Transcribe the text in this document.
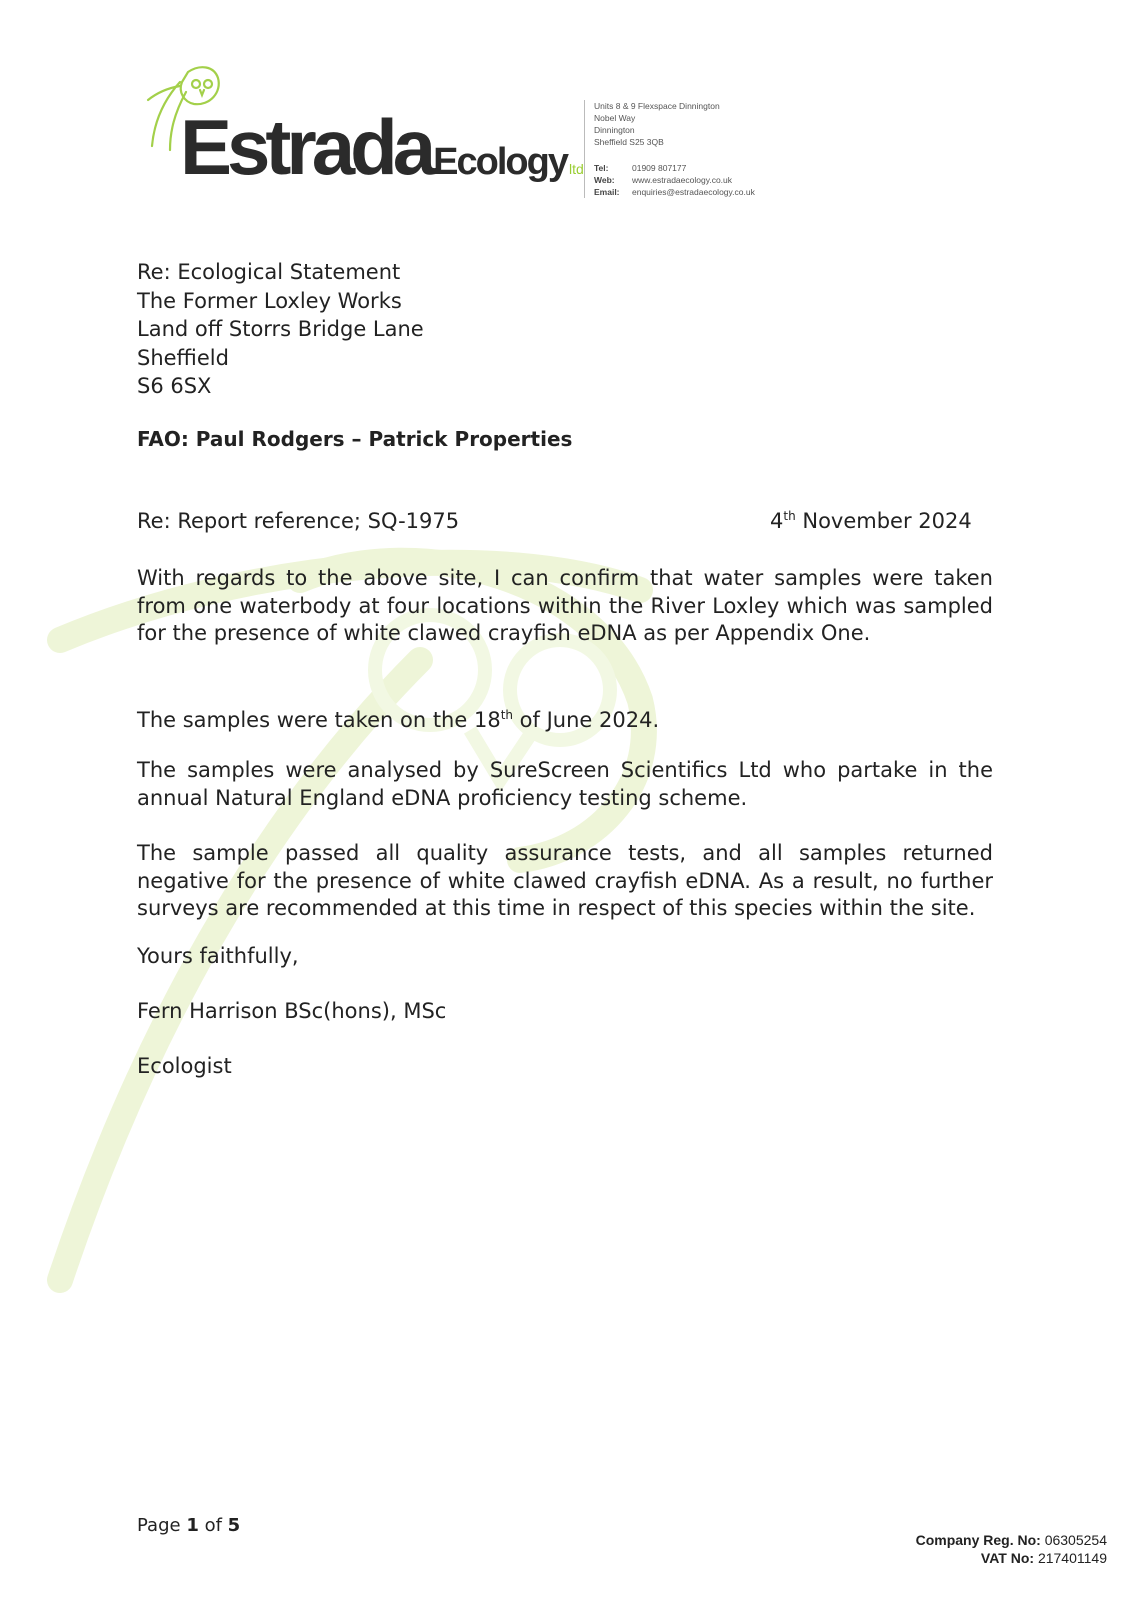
EstradaEcology ltd
Units 8 & 9 Flexspace Dinnington
Nobel Way
Dinnington
Sheffield S25 3QB
Tel:	01909 807177
Web: www.estradaecology.co.uk
Email: enquiries@estradaecology.co.uk
Re: Ecological Statement
The Former Loxley Works
Land off Storrs Bridge Lane
Sheffield
S6 6SX
FAO: Paul Rodgers – Patrick Properties
Re: Report reference; SQ-1975	4th November 2024
With regards to the above site, I can confirm that water samples were taken from one waterbody at four locations within the River Loxley which was sampled for the presence of white clawed crayfish eDNA as per Appendix One.
The samples were taken on the 18th of June 2024.
The samples were analysed by SureScreen Scientifics Ltd who partake in the annual Natural England eDNA proficiency testing scheme.
The sample passed all quality assurance tests, and all samples returned negative for the presence of white clawed crayfish eDNA. As a result, no further surveys are recommended at this time in respect of this species within the site.
Yours faithfully,
Fern Harrison BSc(hons), MSc
Ecologist
Page 1 of 5
Company Reg. No: 06305254
VAT No: 217401149
